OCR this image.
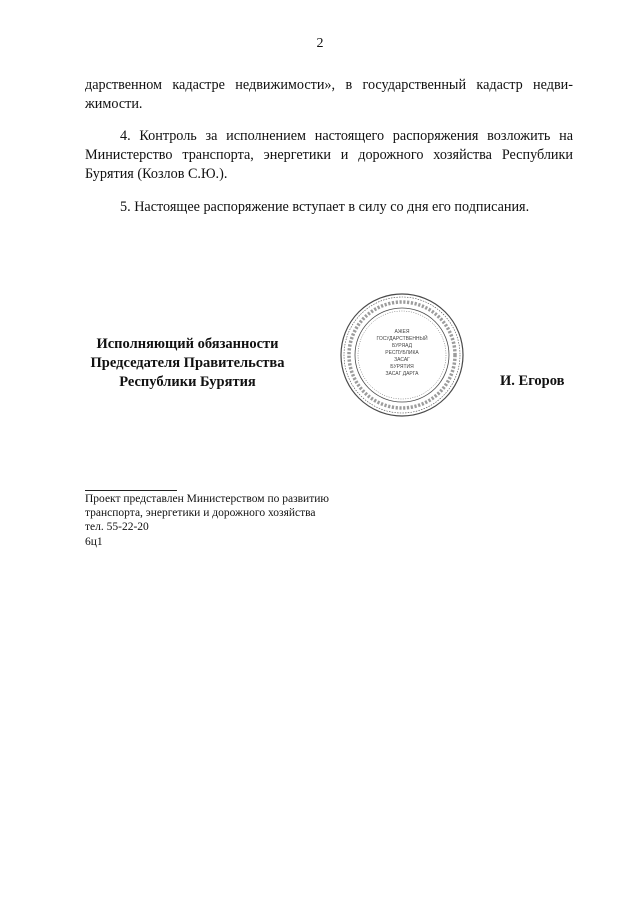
2

дарственном кадастре недвижимости», в государственный кадастр недви-
жимости.

4. Контроль за исполнением настоящего распоряжения возложить на
Министерство транспорта, энергетики и дорожного хозяйства Республики
Бурятия (Козлов С.Ю.).

5. Настоящее распоряжение вступает в силу со дня его подписания.

Исполняющий обязанности
Председателя Правительства
Республики Бурятия
АЖЕЯ
ГОСУДАРСТВЕННЫЙ
БУРЯАД
РЕСПУБЛИКА
ЗАСАГ
БУРЯТИЯ
ЗАСАГ ДАРГА	И. Егоров
Проект представлен Министерством по развитию
транспорта, энергетики и дорожного хозяйства
тел. 55-22-20
6ц1
